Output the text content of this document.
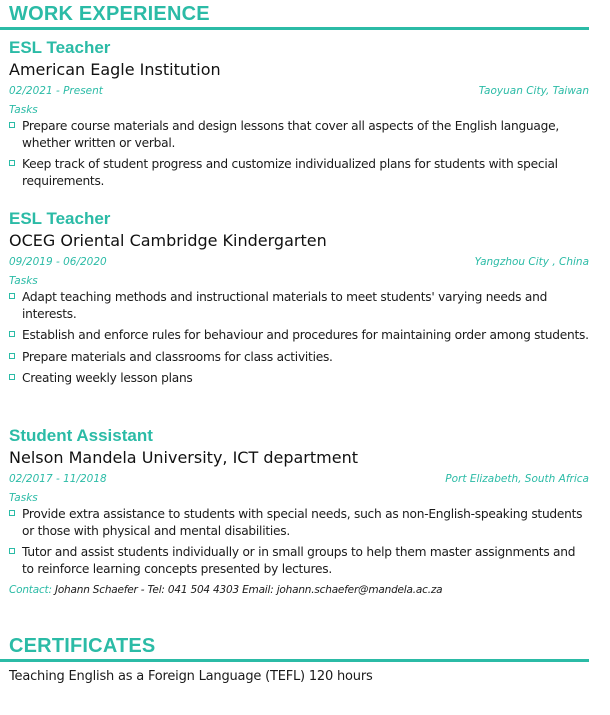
WORK EXPERIENCE
ESL Teacher
American Eagle Institution
02/2021 - Present	Taoyuan City, Taiwan
Tasks
Prepare course materials and design lessons that cover all aspects of the English language, whether written or verbal.
Keep track of student progress and customize individualized plans for students with special requirements.
ESL Teacher
OCEG Oriental Cambridge Kindergarten
09/2019 - 06/2020	Yangzhou City , China
Tasks
Adapt teaching methods and instructional materials to meet students' varying needs and interests.
Establish and enforce rules for behaviour and procedures for maintaining order among students.
Prepare materials and classrooms for class activities.
Creating weekly lesson plans
Student Assistant
Nelson Mandela University, ICT department
02/2017 - 11/2018	Port Elizabeth, South Africa
Tasks
Provide extra assistance to students with special needs, such as non-English-speaking students or those with physical and mental disabilities.
Tutor and assist students individually or in small groups to help them master assignments and to reinforce learning concepts presented by lectures.
Contact: Johann Schaefer - Tel: 041 504 4303 Email: johann.schaefer@mandela.ac.za
CERTIFICATES
Teaching English as a Foreign Language (TEFL) 120 hours
